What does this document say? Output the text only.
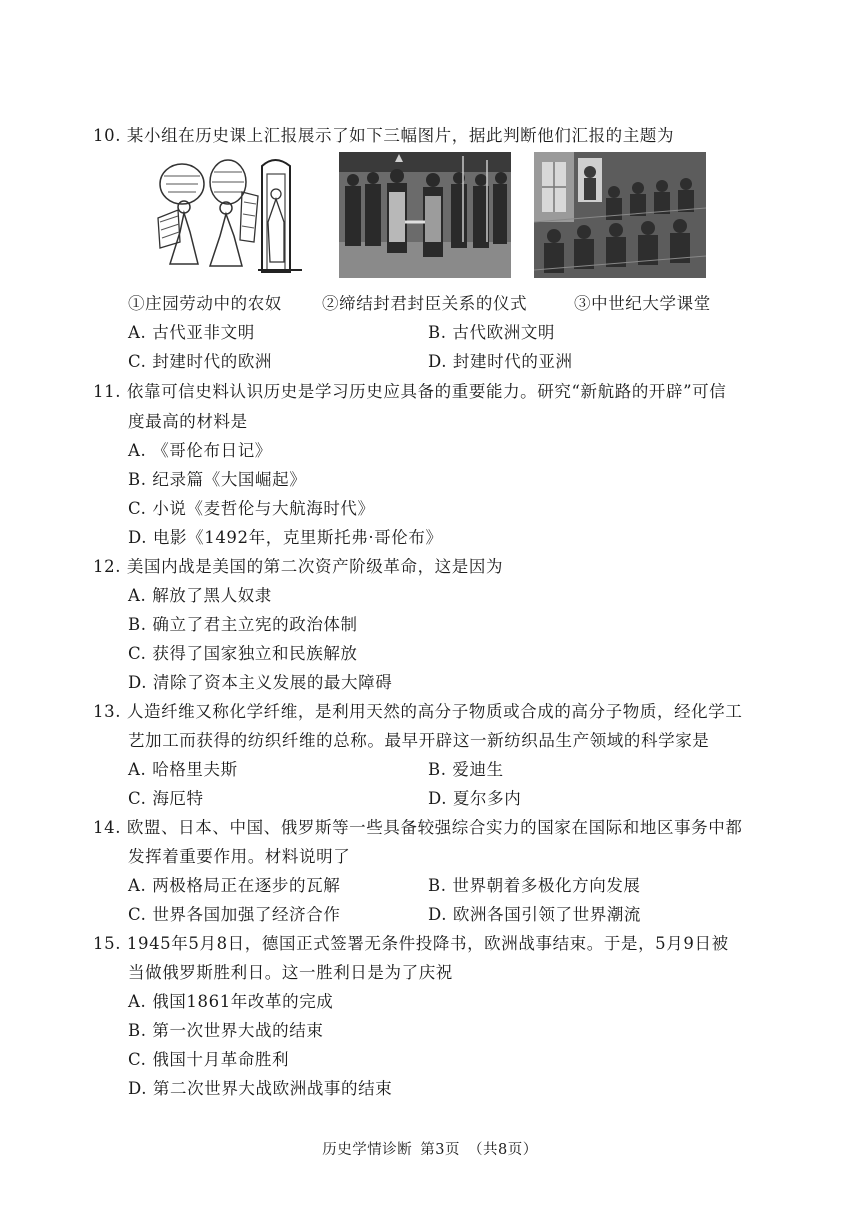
10. 某小组在历史课上汇报展示了如下三幅图片，据此判断他们汇报的主题为
①庄园劳动中的农奴 ②缔结封君封臣关系的仪式	③中世纪大学课堂
A. 古代亚非文明	B. 古代欧洲文明
C. 封建时代的欧洲	D. 封建时代的亚洲
11. 依靠可信史料认识历史是学习历史应具备的重要能力。研究“新航路的开辟”可信
度最高的材料是
A. 《哥伦布日记》
B. 纪录篇《大国崛起》
C. 小说《麦哲伦与大航海时代》
D. 电影《1492年，克里斯托弗·哥伦布》
12. 美国内战是美国的第二次资产阶级革命，这是因为
A. 解放了黑人奴隶
B. 确立了君主立宪的政治体制
C. 获得了国家独立和民族解放
D. 清除了资本主义发展的最大障碍
13. 人造纤维又称化学纤维，是利用天然的高分子物质或合成的高分子物质，经化学工
艺加工而获得的纺织纤维的总称。最早开辟这一新纺织品生产领域的科学家是
A. 哈格里夫斯	B. 爱迪生
C. 海厄特	D. 夏尔多内
14. 欧盟、日本、中国、俄罗斯等一些具备较强综合实力的国家在国际和地区事务中都
发挥着重要作用。材料说明了
A. 两极格局正在逐步的瓦解	B. 世界朝着多极化方向发展
C. 世界各国加强了经济合作	D. 欧洲各国引领了世界潮流
15. 1945年5月8日，德国正式签署无条件投降书，欧洲战事结束。于是，5月9日被
当做俄罗斯胜利日。这一胜利日是为了庆祝
A. 俄国1861年改革的完成
B. 第一次世界大战的结束
C. 俄国十月革命胜利
D. 第二次世界大战欧洲战事的结束
历史学情诊断 第3页 （共8页）
